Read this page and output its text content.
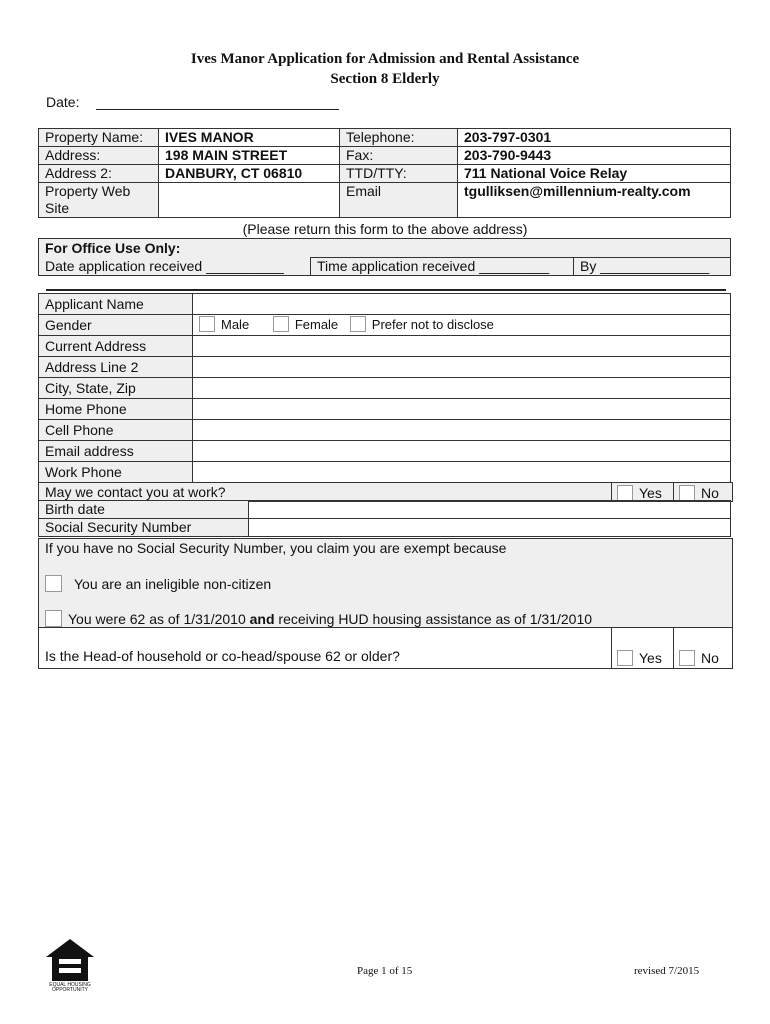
Ives Manor Application for Admission and Rental Assistance
Section 8 Elderly
Date:
Property Name:	IVES MANOR	Telephone:	203-797-0301
Address:	198 MAIN STREET	Fax:	203-790-9443
Address 2:	DANBURY, CT 06810	TTD/TTY:	711 National Voice Relay
Property Web Site		Email	tgulliksen@millennium-realty.com
(Please return this form to the above address)
For Office Use Only:
Date application received __________	Time application received _________	By ______________
Applicant Name	
Gender	Male Female Prefer not to disclose
Current Address	
Address Line 2	
City, State, Zip	
Home Phone	
Cell Phone	
Email address	
Work Phone	
May we contact you at work?	Yes	No
Birth date	
Social Security Number	
If you have no Social Security Number, you claim you are exempt because
You are an ineligible non-citizen
You were 62 as of 1/31/2010 and receiving HUD housing assistance as of 1/31/2010
Is the Head-of household or co-head/spouse 62 or older?	Yes	No
EQUAL HOUSING OPPORTUNITY
Page 1 of 15	revised 7/2015
